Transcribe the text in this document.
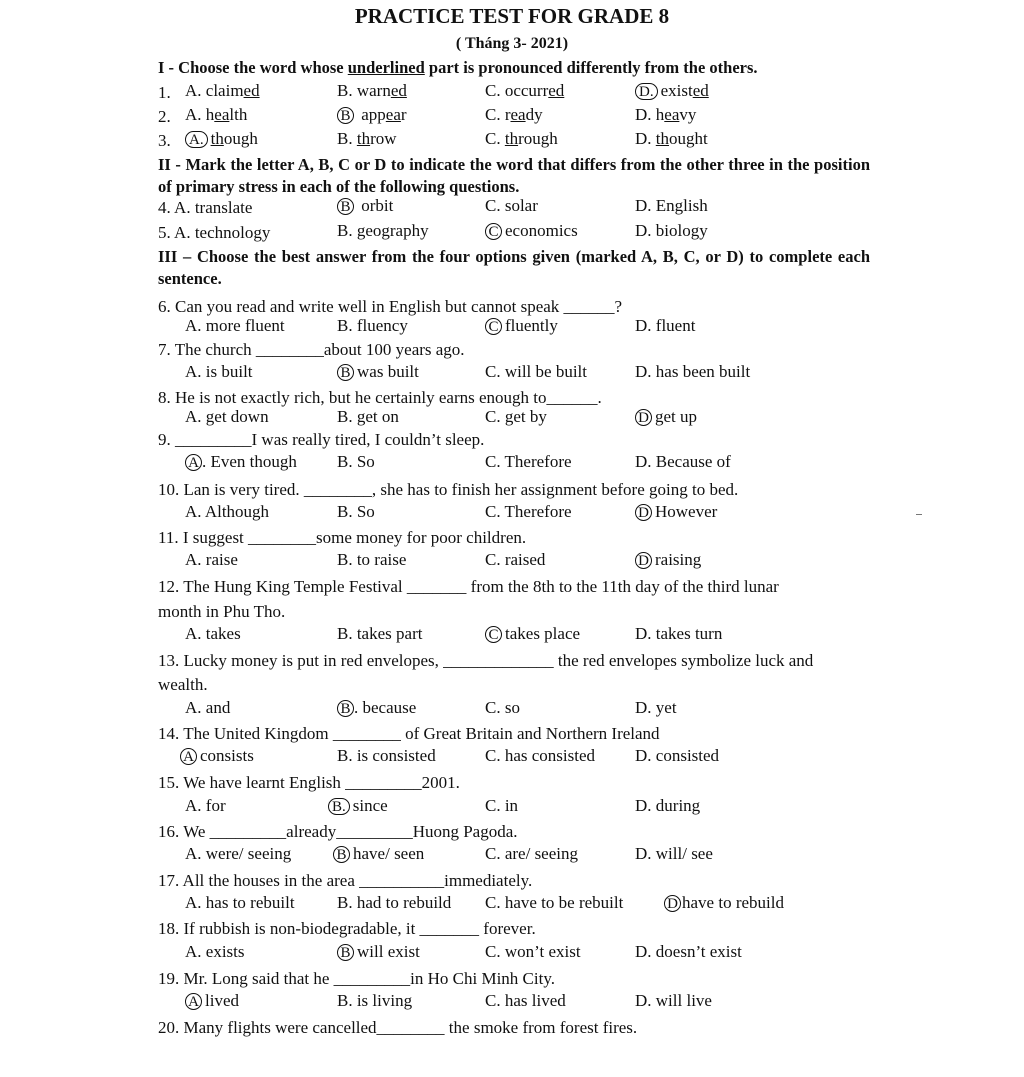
PRACTICE TEST FOR GRADE 8
( Tháng 3- 2021)
I - Choose the word whose underlined part is pronounced differently from the others.
1. A. claimed	B. warned	C. occurred	D. existed
2. A. health	B appear	C. ready	D. heavy
3.	A. though	B. throw	C. through	D. thought
II - Mark the letter A, B, C or D to indicate the word that differs from the other three in the position of primary stress in each of the following questions.
4. A. translate	B orbit	C. solar	D. English
5. A. technology	B. geography	C economics	D. biology
III – Choose the best answer from the four options given (marked A, B, C, or D) to complete each sentence.
6. Can you read and write well in English but cannot speak ______?
A. more fluent	B. fluency	C fluently	D. fluent
7. The church ________about 100 years ago.
A. is built	B was built	C. will be built	D. has been built
8. He is not exactly rich, but he certainly earns enough to______.
A. get down	B. get on	C. get by	D get up
9. _________I was really tired, I couldn’t sleep.
A . Even though B. So	C. Therefore	D. Because of
10. Lan is very tired. ________, she has to finish her assignment before going to bed.
A. Although	B. So	C. Therefore	D However
11. I suggest ________some money for poor children.
A. raise	B. to raise	C. raised	D raising
12. The Hung King Temple Festival _______ from the 8th to the 11th day of the third lunar
month in Phu Tho.
A. takes	B. takes part	C takes place	D. takes turn
13. Lucky money is put in red envelopes, _____________ the red envelopes symbolize luck and
wealth.
A. and	B . because	C. so	D. yet
14. The United Kingdom ________ of Great Britain and Northern Ireland
A consists	B. is consisted	C. has consisted D. consisted
15. We have learnt English _________2001.
A. for	B. since	C. in	D. during
16. We _________already_________Huong Pagoda.
A. were/ seeing	B have/ seen	C. are/ seeing	D. will/ see
17. All the houses in the area __________immediately.
A. has to rebuilt B. had to rebuild C. have to be rebuilt	D have to rebuild
18. If rubbish is non-biodegradable, it _______ forever.
A. exists	B will exist	C. won’t exist	D. doesn’t exist
19. Mr. Long said that he _________in Ho Chi Minh City.
A lived	B. is living	C. has lived	D. will live
20. Many flights were cancelled________ the smoke from forest fires.
